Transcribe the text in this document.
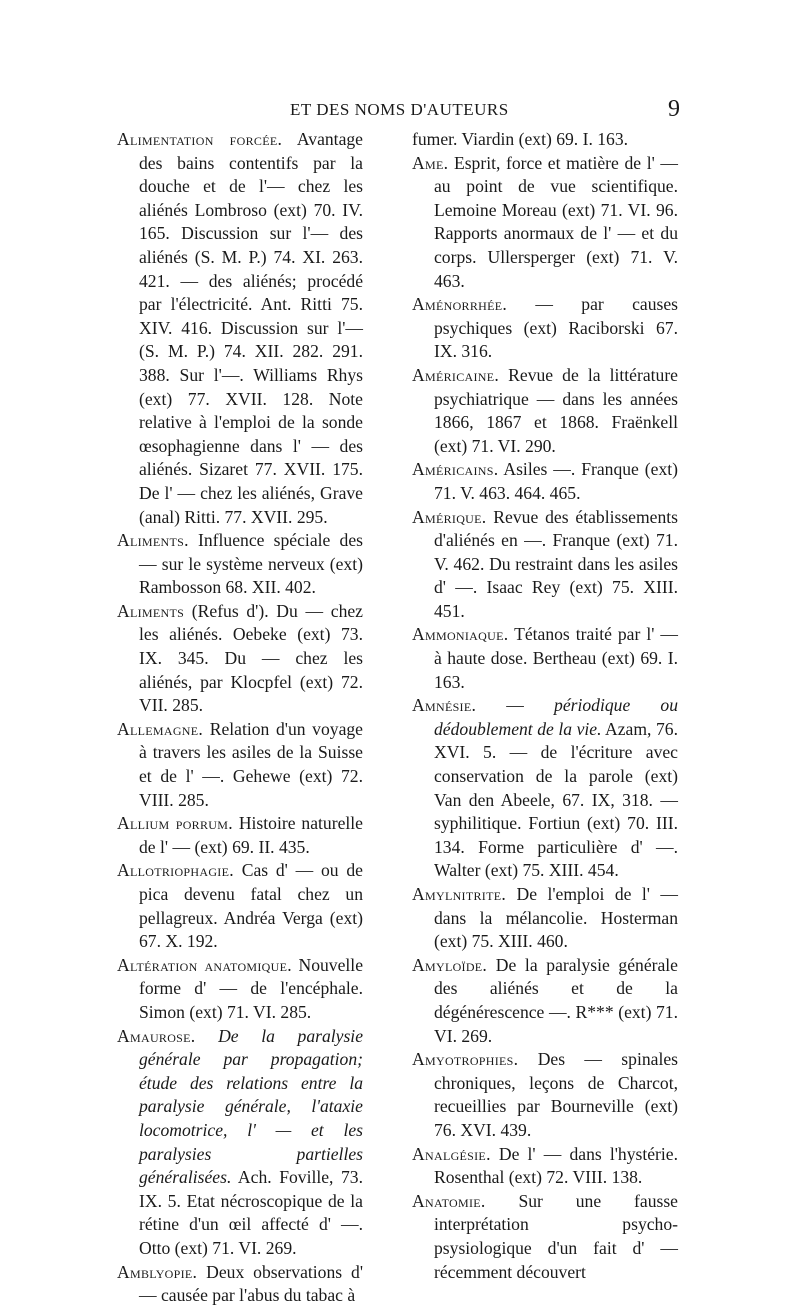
ET DES NOMS D'AUTEURS	9

Alimentation forcée. Avantage des bains contentifs par la douche et de l'— chez les aliénés Lombroso (ext) 70. IV. 165. Discussion sur l'— des aliénés (S. M. P.) 74. XI. 263. 421. — des aliénés; procédé par l'électricité. Ant. Ritti 75. XIV. 416. Discussion sur l'— (S. M. P.) 74. XII. 282. 291. 388. Sur l'—. Williams Rhys (ext) 77. XVII. 128. Note relative à l'emploi de la sonde œsophagienne dans l' — des aliénés. Sizaret 77. XVII. 175. De l' — chez les aliénés, Grave (anal) Ritti. 77. XVII. 295.

Aliments. Influence spéciale des — sur le système nerveux (ext) Rambosson 68. XII. 402.

Aliments (Refus d'). Du — chez les aliénés. Oebeke (ext) 73. IX. 345. Du — chez les aliénés, par Klocpfel (ext) 72. VII. 285.

Allemagne. Relation d'un voyage à travers les asiles de la Suisse et de l' —. Gehewe (ext) 72. VIII. 285.

Allium porrum. Histoire naturelle de l' — (ext) 69. II. 435.

Allotriophagie. Cas d' — ou de pica devenu fatal chez un pellagreux. Andréa Verga (ext) 67. X. 192.

Altération anatomique. Nouvelle forme d' — de l'encéphale. Simon (ext) 71. VI. 285.

Amaurose. De la paralysie générale par propagation; étude des relations entre la paralysie générale, l'ataxie locomotrice, l' — et les paralysies partielles généralisées. Ach. Foville, 73. IX. 5. Etat nécroscopique de la rétine d'un œil affecté d' —. Otto (ext) 71. VI. 269.

Amblyopie. Deux observations d' — causée par l'abus du tabac à

fumer. Viardin (ext) 69. I. 163.

Ame. Esprit, force et matière de l' — au point de vue scientifique. Lemoine Moreau (ext) 71. VI. 96. Rapports anormaux de l' — et du corps. Ullersperger (ext) 71. V. 463.

Aménorrhée. — par causes psychiques (ext) Raciborski 67. IX. 316.

Américaine. Revue de la littérature psychiatrique — dans les années 1866, 1867 et 1868. Fraënkell (ext) 71. VI. 290.

Américains. Asiles —. Franque (ext) 71. V. 463. 464. 465.

Amérique. Revue des établissements d'aliénés en —. Franque (ext) 71. V. 462. Du restraint dans les asiles d' —. Isaac Rey (ext) 75. XIII. 451.

Ammoniaque. Tétanos traité par l' — à haute dose. Bertheau (ext) 69. I. 163.

Amnésie. — périodique ou dédoublement de la vie. Azam, 76. XVI. 5. — de l'écriture avec conservation de la parole (ext) Van den Abeele, 67. IX, 318. — syphilitique. Fortiun (ext) 70. III. 134. Forme particulière d' —. Walter (ext) 75. XIII. 454.

Amylnitrite. De l'emploi de l' — dans la mélancolie. Hosterman (ext) 75. XIII. 460.

Amyloïde. De la paralysie générale des aliénés et de la dégénérescence —. R*** (ext) 71. VI. 269.

Amyotrophies. Des — spinales chroniques, leçons de Charcot, recueillies par Bourneville (ext) 76. XVI. 439.

Analgésie. De l' — dans l'hystérie. Rosenthal (ext) 72. VIII. 138.

Anatomie. Sur une fausse interprétation psycho-psysiologique d'un fait d' — récemment découvert
